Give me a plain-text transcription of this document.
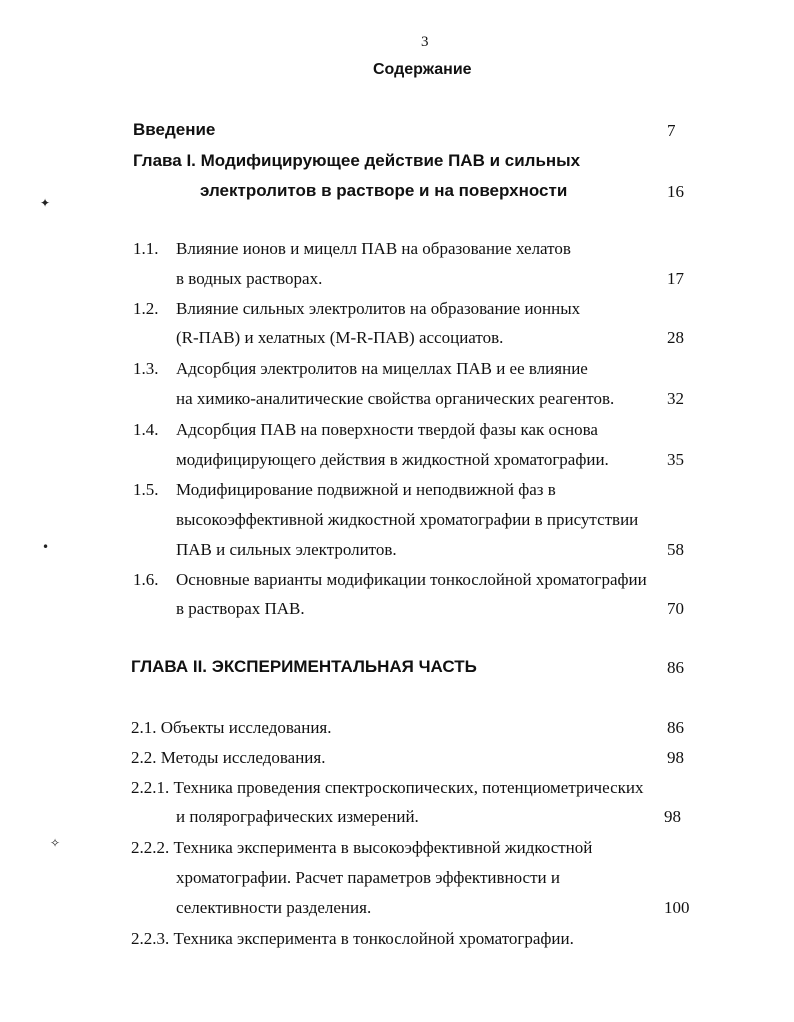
3
Содержание
Введение	7
Глава I. Модифицирующее действие ПАВ и сильных
электролитов в растворе и на поверхности	16
1.1. Влияние ионов и мицелл ПАВ на образование хелатов
в водных растворах.	17
1.2. Влияние сильных электролитов на образование ионных
(R-ПАВ) и хелатных (M-R-ПАВ) ассоциатов.	28
1.3. Адсорбция электролитов на мицеллах ПАВ и ее влияние
на химико-аналитические свойства органических реагентов.	32
1.4. Адсорбция ПАВ на поверхности твердой фазы как основа
модифицирующего действия в жидкостной хроматографии.	35
1.5. Модифицирование подвижной и неподвижной фаз в
высокоэффективной жидкостной хроматографии в присутствии
ПАВ и сильных электролитов.	58
1.6. Основные варианты модификации тонкослойной хроматографии
в растворах ПАВ.	70
ГЛАВА II. ЭКСПЕРИМЕНТАЛЬНАЯ ЧАСТЬ	86
2.1. Объекты исследования.	86
2.2. Методы исследования.	98
2.2.1. Техника проведения спектроскопических, потенциометрических
и полярографических измерений.	98
2.2.2. Техника эксперимента в высокоэффективной жидкостной
хроматографии. Расчет параметров эффективности и
селективности разделения.	100
2.2.3. Техника эксперимента в тонкослойной хроматографии.
✦
•
✧
